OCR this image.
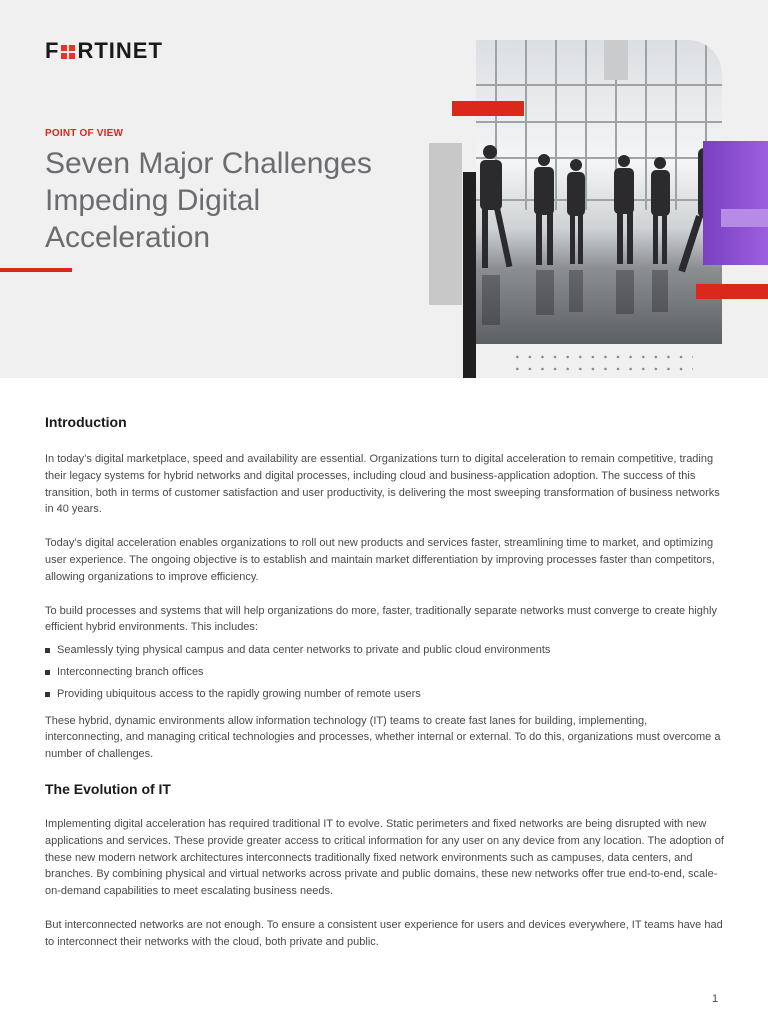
F RTINET
POINT OF VIEW
Seven Major Challenges Impeding Digital Acceleration
Introduction

In today’s digital marketplace, speed and availability are essential. Organizations turn to digital acceleration to remain competitive, trading their legacy systems for hybrid networks and digital processes, including cloud and business-application adoption. The success of this transition, both in terms of customer satisfaction and user productivity, is delivering the most sweeping transformation of business networks in 40 years.

Today’s digital acceleration enables organizations to roll out new products and services faster, streamlining time to market, and optimizing user experience. The ongoing objective is to establish and maintain market differentiation by improving processes faster than competitors, allowing organizations to improve efficiency.

To build processes and systems that will help organizations do more, faster, traditionally separate networks must converge to create highly efficient hybrid environments. This includes:

Seamlessly tying physical campus and data center networks to private and public cloud environments
Interconnecting branch offices
Providing ubiquitous access to the rapidly growing number of remote users

These hybrid, dynamic environments allow information technology (IT) teams to create fast lanes for building, implementing, interconnecting, and managing critical technologies and processes, whether internal or external. To do this, organizations must overcome a number of challenges.

The Evolution of IT

Implementing digital acceleration has required traditional IT to evolve. Static perimeters and fixed networks are being disrupted with new applications and services. These provide greater access to critical information for any user on any device from any location. The adoption of these new modern network architectures interconnects traditionally fixed network environments such as campuses, data centers, and branches. By combining physical and virtual networks across private and public domains, these new networks offer true end-to-end, scale-on-demand capabilities to meet escalating business needs.

But interconnected networks are not enough. To ensure a consistent user experience for users and devices everywhere, IT teams have had to interconnect their networks with the cloud, both private and public.

1
